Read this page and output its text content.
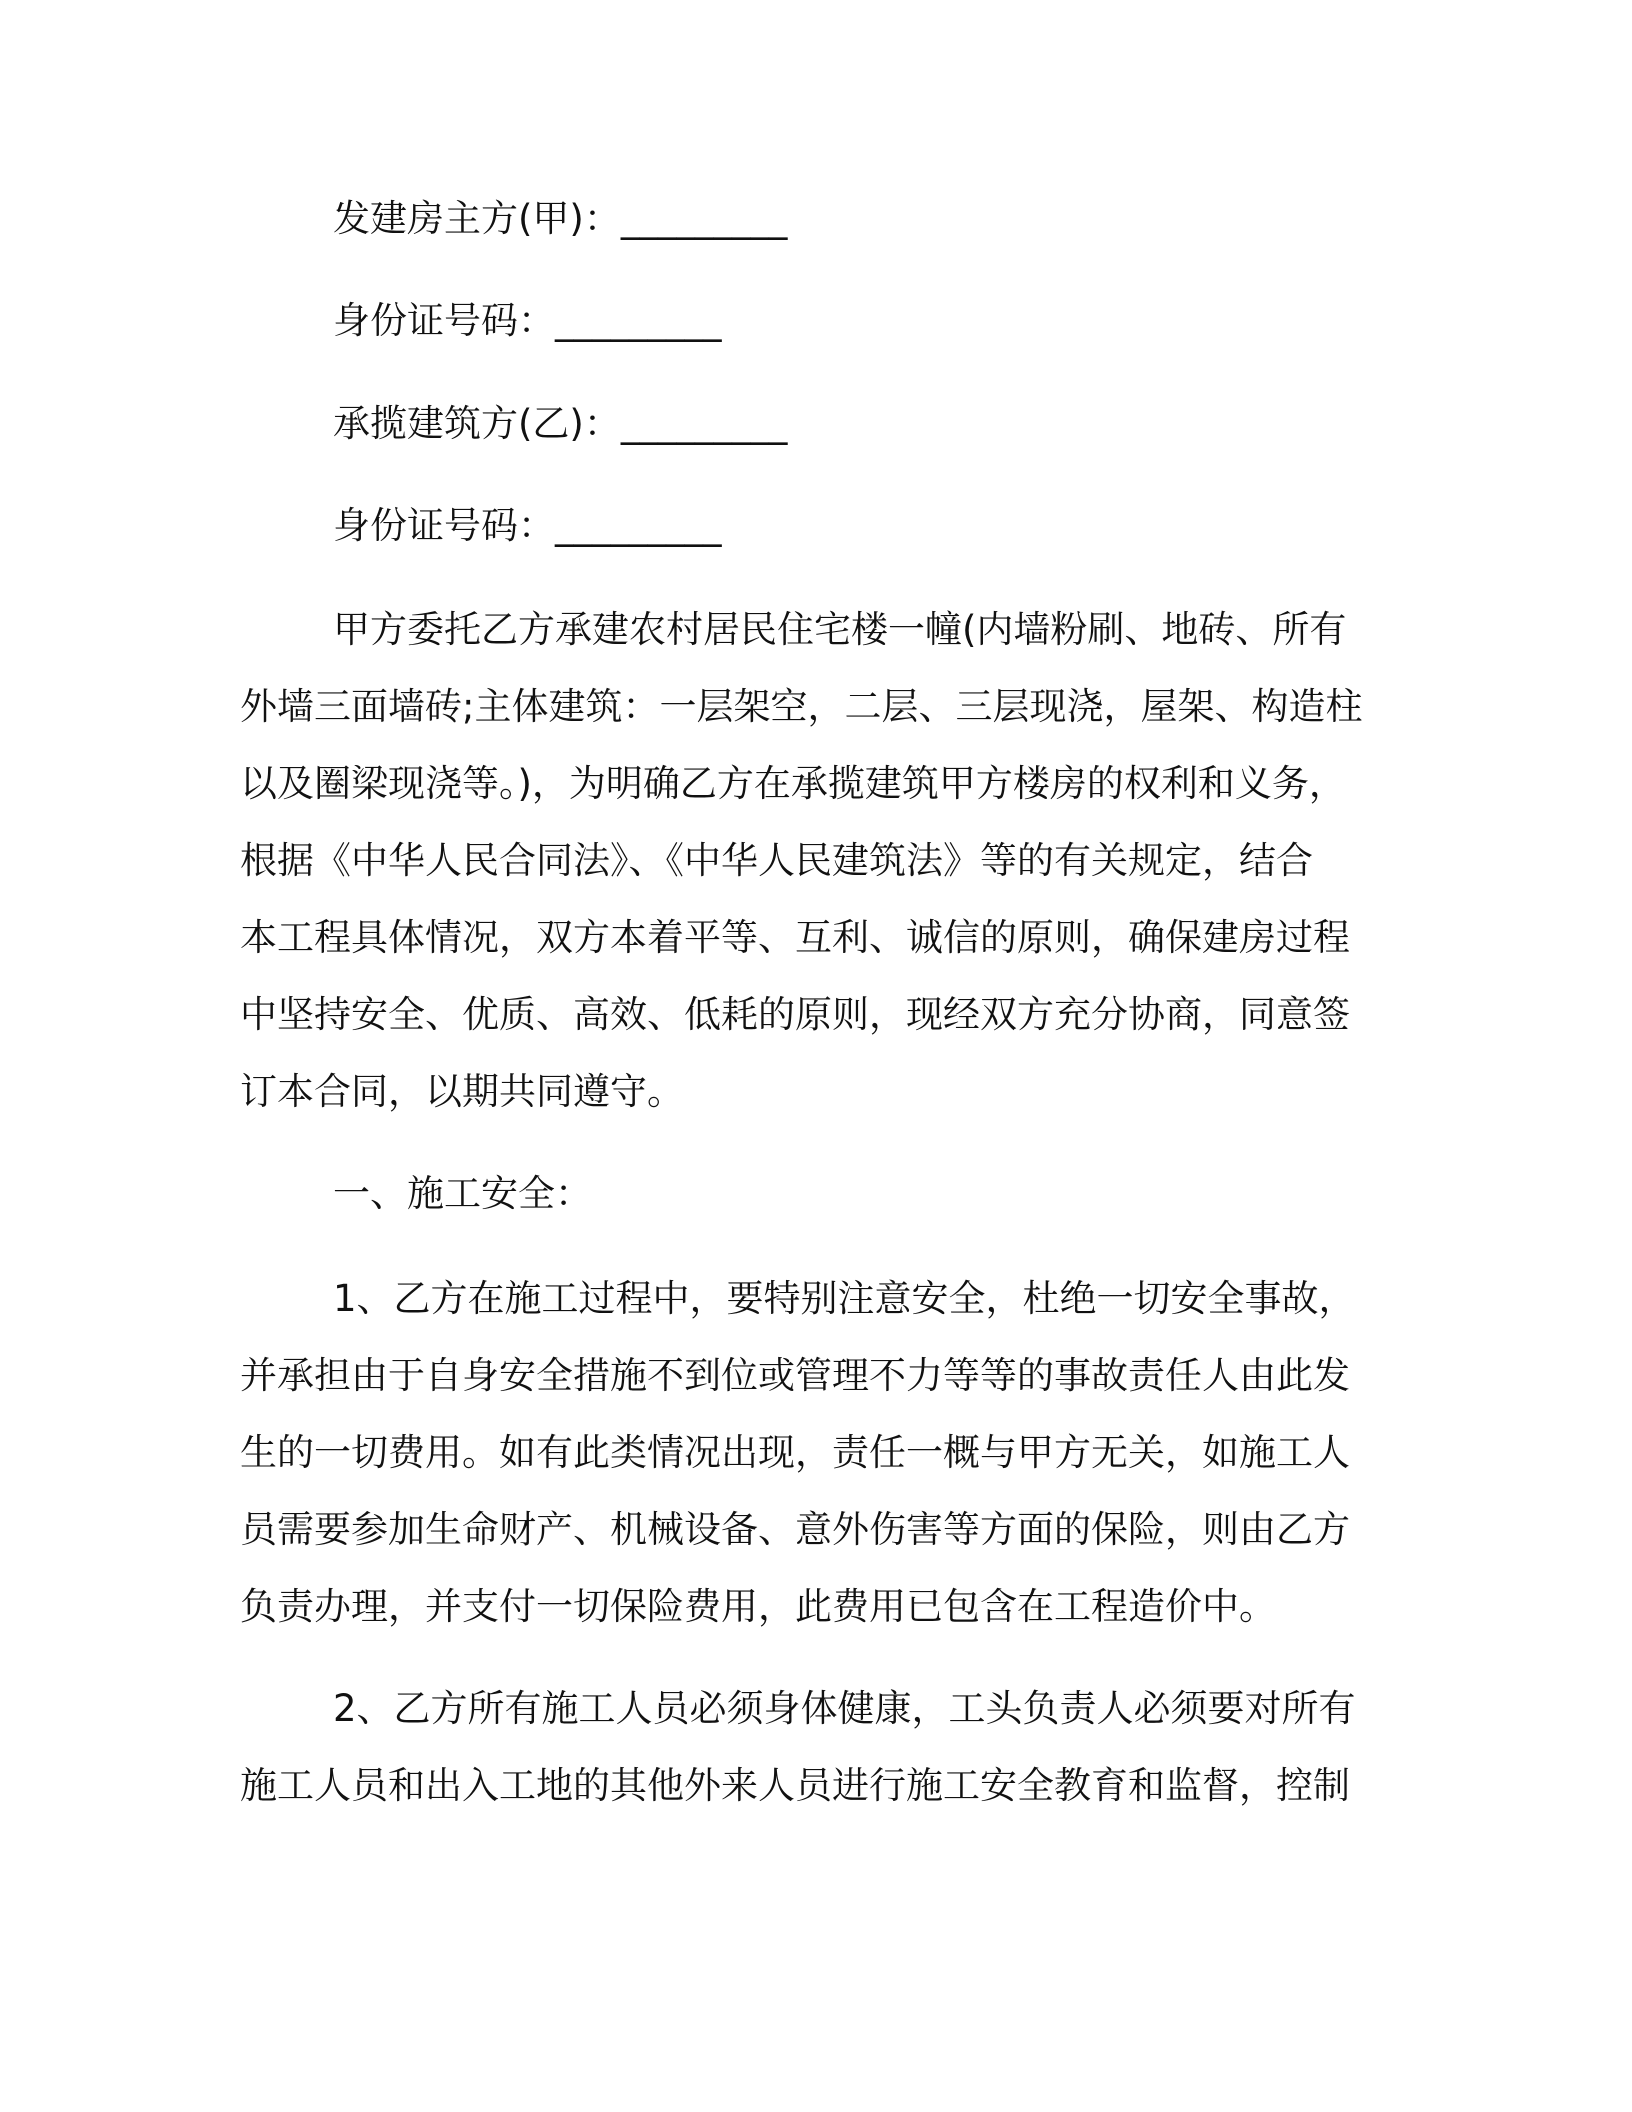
发建房主方(甲)：_________

身份证号码：_________

承揽建筑方(乙)：_________

身份证号码：_________

甲方委托乙方承建农村居民住宅楼一幢(内墙粉刷、地砖、所有

外墙三面墙砖;主体建筑：一层架空，二层、三层现浇，屋架、构造柱

以及圈梁现浇等。)，为明确乙方在承揽建筑甲方楼房的权利和义务，

根据《中华人民合同法》、《中华人民建筑法》等的有关规定，结合

本工程具体情况，双方本着平等、互利、诚信的原则，确保建房过程

中坚持安全、优质、高效、低耗的原则，现经双方充分协商，同意签

订本合同，以期共同遵守。

一、施工安全：

1、乙方在施工过程中，要特别注意安全，杜绝一切安全事故，

并承担由于自身安全措施不到位或管理不力等等的事故责任人由此发

生的一切费用。如有此类情况出现，责任一概与甲方无关，如施工人

员需要参加生命财产、机械设备、意外伤害等方面的保险，则由乙方

负责办理，并支付一切保险费用，此费用已包含在工程造价中。

2、乙方所有施工人员必须身体健康，工头负责人必须要对所有

施工人员和出入工地的其他外来人员进行施工安全教育和监督，控制
